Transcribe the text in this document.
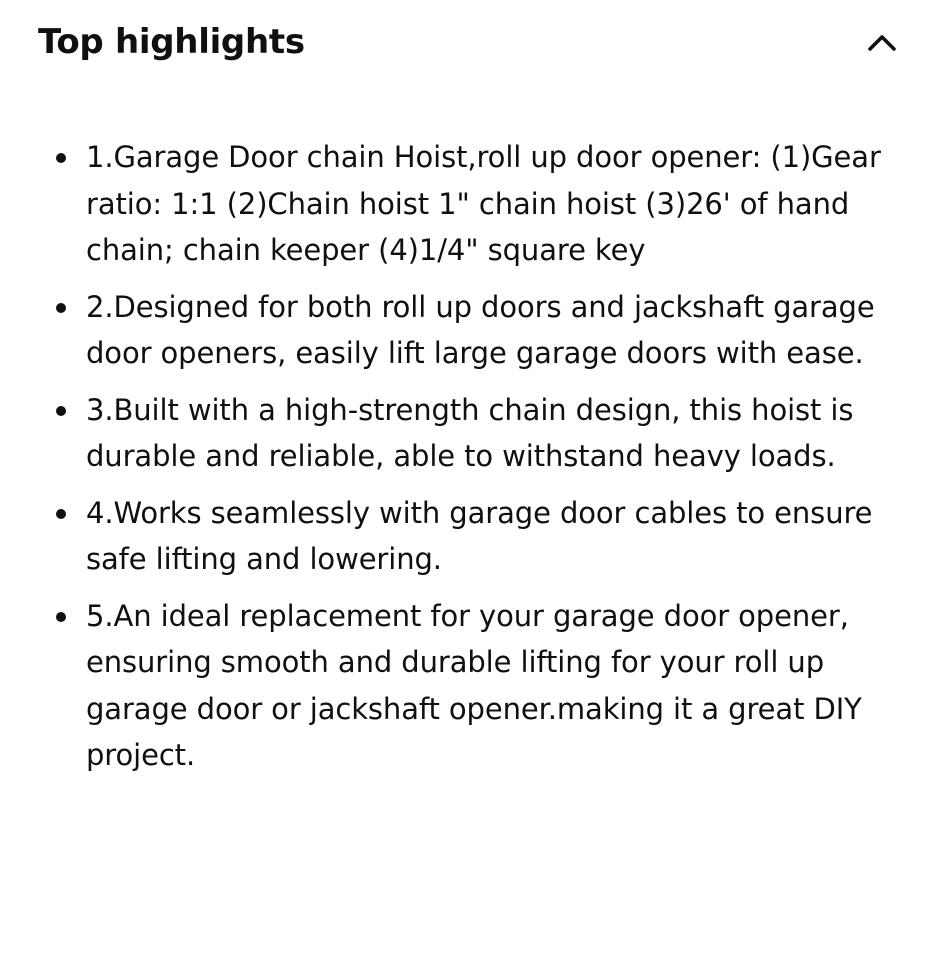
Top highlights
1.Garage Door chain Hoist,roll up door opener: (1)Gear ratio: 1:1 (2)Chain hoist 1" chain hoist (3)26' of hand chain; chain keeper (4)1/4" square key
2.Designed for both roll up doors and jackshaft garage door openers, easily lift large garage doors with ease.
3.Built with a high-strength chain design, this hoist is durable and reliable, able to withstand heavy loads.
4.Works seamlessly with garage door cables to ensure safe lifting and lowering.
5.An ideal replacement for your garage door opener, ensuring smooth and durable lifting for your roll up garage door or jackshaft opener.making it a great DIY project.
